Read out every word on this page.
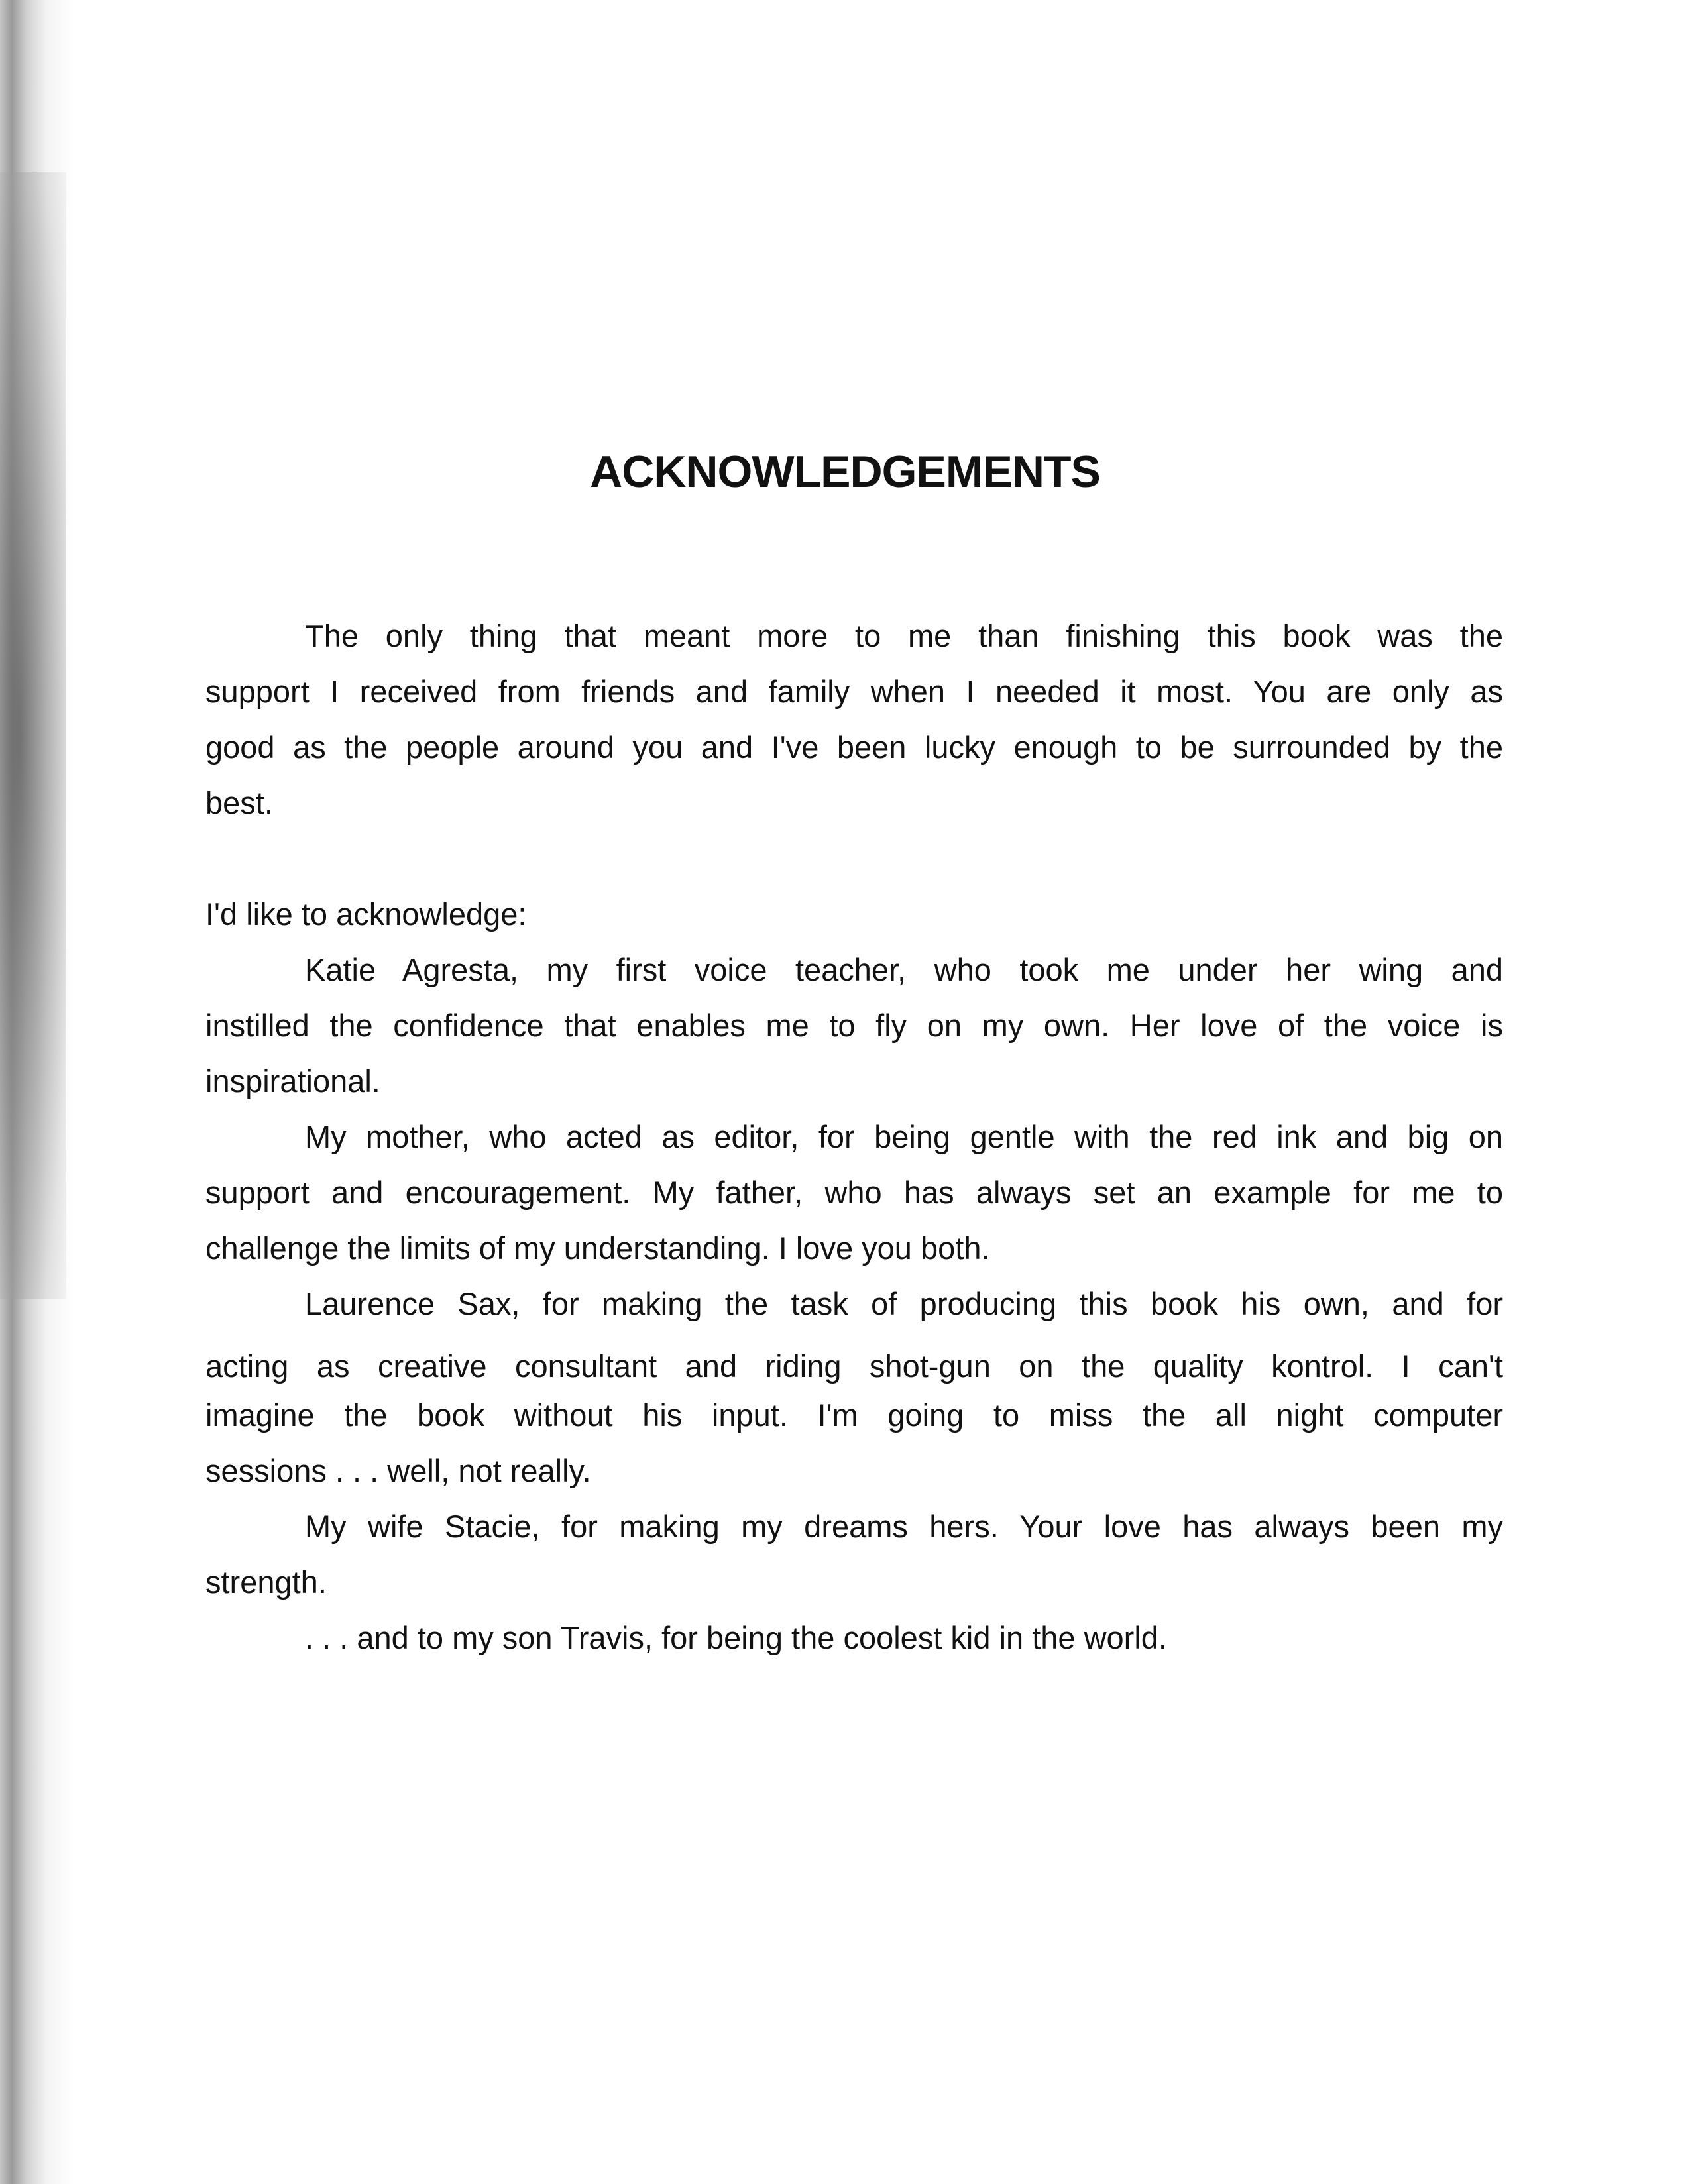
ACKNOWLEDGEMENTS

The only thing that meant more to me than finishing this book was the

support I received from friends and family when I needed it most. You are only as

good as the people around you and I've been lucky enough to be surrounded by the

best.

I'd like to acknowledge:

Katie Agresta, my first voice teacher, who took me under her wing and

instilled the confidence that enables me to fly on my own. Her love of the voice is

inspirational.

My mother, who acted as editor, for being gentle with the red ink and big on

support and encouragement. My father, who has always set an example for me to

challenge the limits of my understanding. I love you both.

Laurence Sax, for making the task of producing this book his own, and for

acting as creative consultant and riding shot-gun on the quality kontrol. I can't

imagine the book without his input. I'm going to miss the all night computer

sessions . . . well, not really.

My wife Stacie, for making my dreams hers. Your love has always been my

strength.

. . . and to my son Travis, for being the coolest kid in the world.
